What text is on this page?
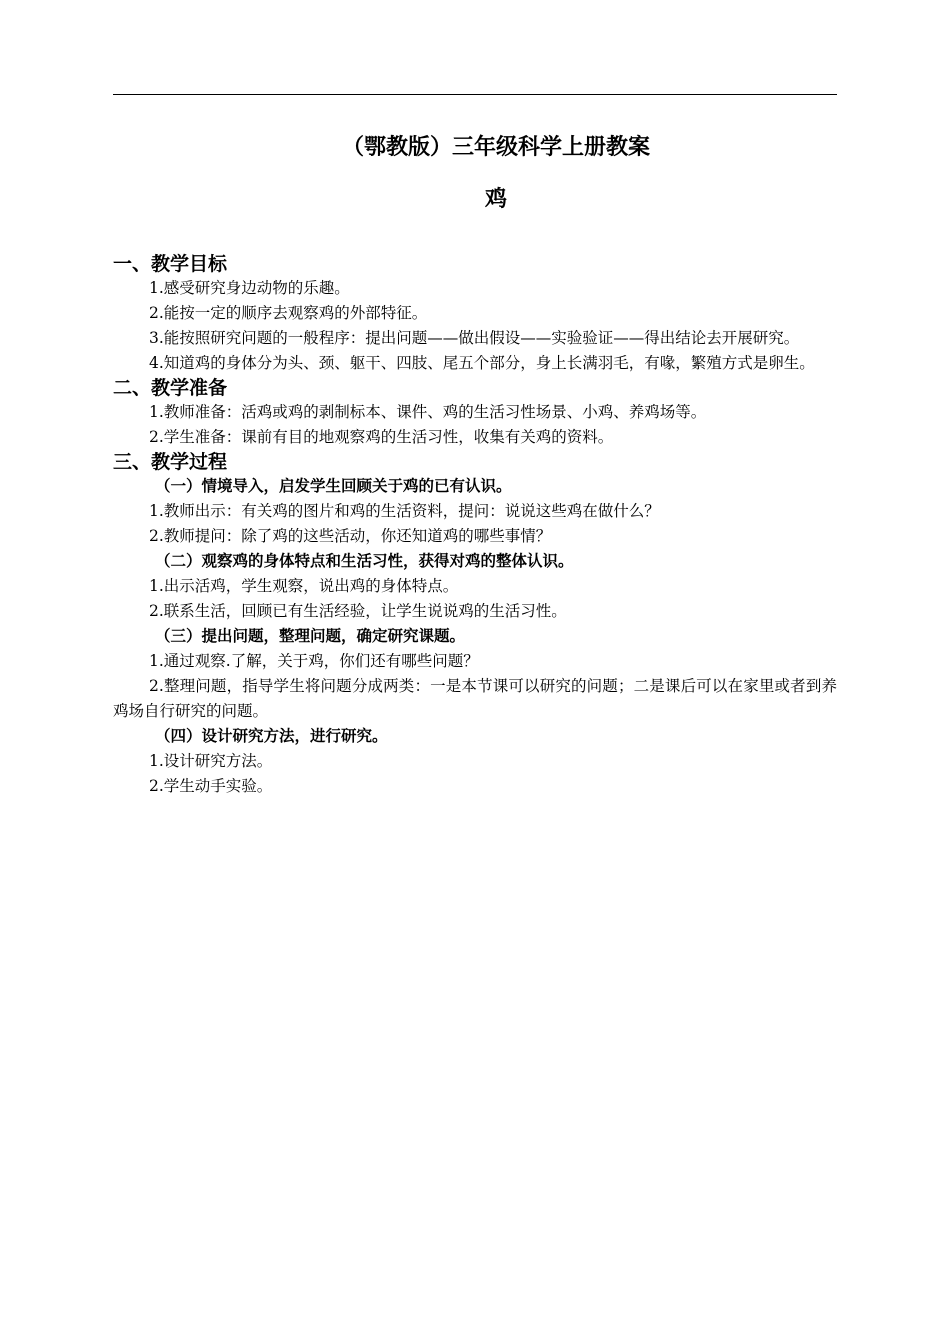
（鄂教版）三年级科学上册教案
鸡
一、教学目标
1.感受研究身边动物的乐趣。
2.能按一定的顺序去观察鸡的外部特征。
3.能按照研究问题的一般程序：提出问题——做出假设——实验验证——得出结论去开展研究。
4.知道鸡的身体分为头、颈、躯干、四肢、尾五个部分，身上长满羽毛，有喙，繁殖方式是卵生。
二、教学准备
1.教师准备：活鸡或鸡的剥制标本、课件、鸡的生活习性场景、小鸡、养鸡场等。
2.学生准备：课前有目的地观察鸡的生活习性，收集有关鸡的资料。
三、教学过程
（一）情境导入，启发学生回顾关于鸡的已有认识。
1.教师出示：有关鸡的图片和鸡的生活资料，提问：说说这些鸡在做什么？
2.教师提问：除了鸡的这些活动，你还知道鸡的哪些事情？
（二）观察鸡的身体特点和生活习性，获得对鸡的整体认识。
1.出示活鸡，学生观察，说出鸡的身体特点。
2.联系生活，回顾已有生活经验，让学生说说鸡的生活习性。
（三）提出问题，整理问题，确定研究课题。
1.通过观察.了解，关于鸡，你们还有哪些问题？
2.整理问题，指导学生将问题分成两类：一是本节课可以研究的问题；二是课后可以在家里或者到养鸡场自行研究的问题。
（四）设计研究方法，进行研究。
1.设计研究方法。
2.学生动手实验。
